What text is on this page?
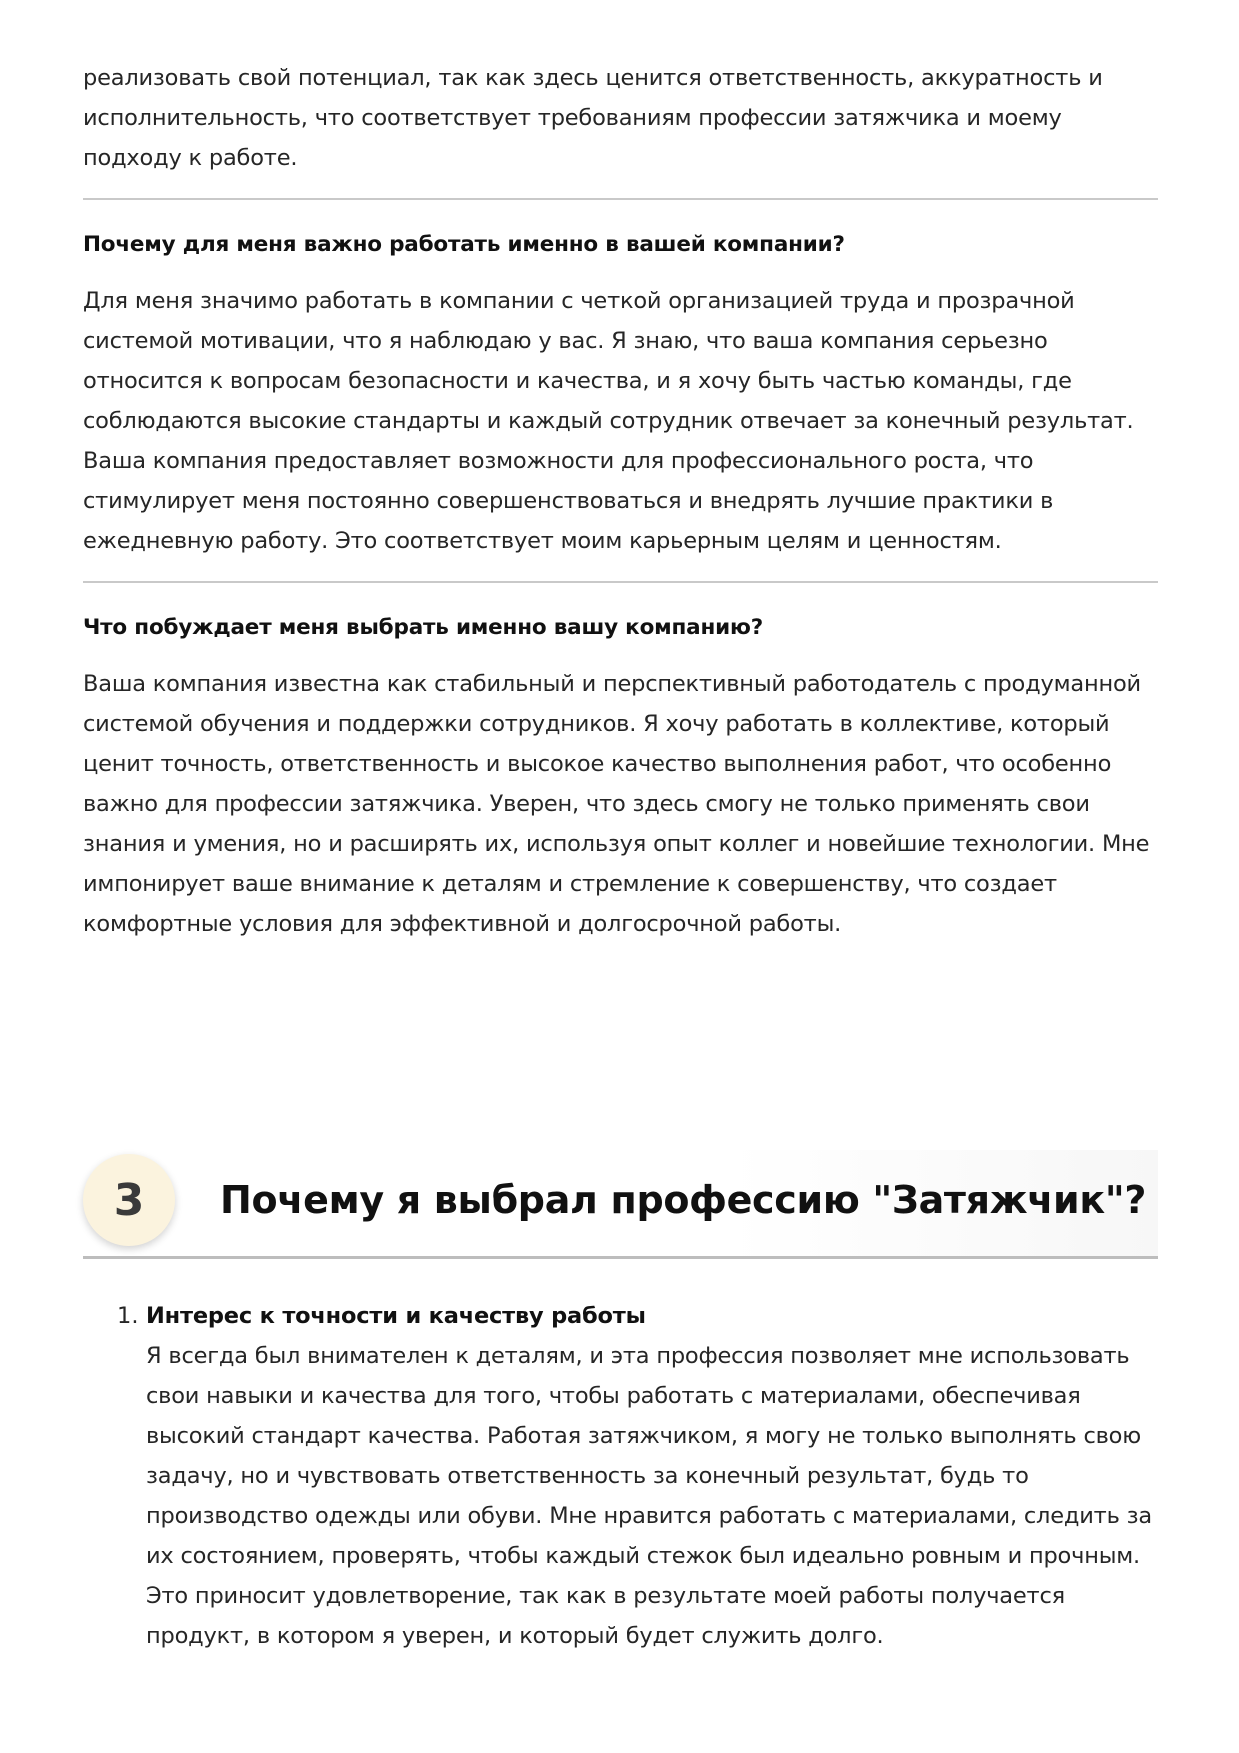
реализовать свой потенциал, так как здесь ценится ответственность, аккуратность и исполнительность, что соответствует требованиям профессии затяжчика и моему подходу к работе.

Почему для меня важно работать именно в вашей компании?

Для меня значимо работать в компании с четкой организацией труда и прозрачной системой мотивации, что я наблюдаю у вас. Я знаю, что ваша компания серьезно относится к вопросам безопасности и качества, и я хочу быть частью команды, где соблюдаются высокие стандарты и каждый сотрудник отвечает за конечный результат. Ваша компания предоставляет возможности для профессионального роста, что стимулирует меня постоянно совершенствоваться и внедрять лучшие практики в ежедневную работу. Это соответствует моим карьерным целям и ценностям.

Что побуждает меня выбрать именно вашу компанию?

Ваша компания известна как стабильный и перспективный работодатель с продуманной системой обучения и поддержки сотрудников. Я хочу работать в коллективе, который ценит точность, ответственность и высокое качество выполнения работ, что особенно важно для профессии затяжчика. Уверен, что здесь смогу не только применять свои знания и умения, но и расширять их, используя опыт коллег и новейшие технологии. Мне импонирует ваше внимание к деталям и стремление к совершенству, что создает комфортные условия для эффективной и долгосрочной работы.

3	Почему я выбрал профессию "Затяжчик"?
1. Интерес к точности и качеству работы

Я всегда был внимателен к деталям, и эта профессия позволяет мне использовать свои навыки и качества для того, чтобы работать с материалами, обеспечивая высокий стандарт качества. Работая затяжчиком, я могу не только выполнять свою задачу, но и чувствовать ответственность за конечный результат, будь то производство одежды или обуви. Мне нравится работать с материалами, следить за их состоянием, проверять, чтобы каждый стежок был идеально ровным и прочным. Это приносит удовлетворение, так как в результате моей работы получается продукт, в котором я уверен, и который будет служить долго.
